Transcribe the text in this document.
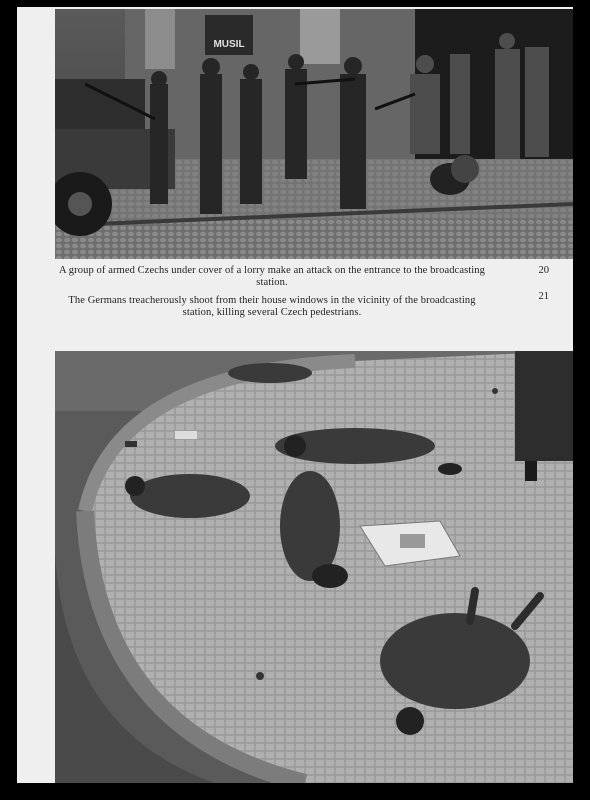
MUSIL
A group of armed Czechs under cover of a lorry make an attack on the entrance to the broadcasting station.
The Germans treacherously shoot from their house windows in the vicinity of the broadcasting station, killing several Czech pedestrians.
20
21
